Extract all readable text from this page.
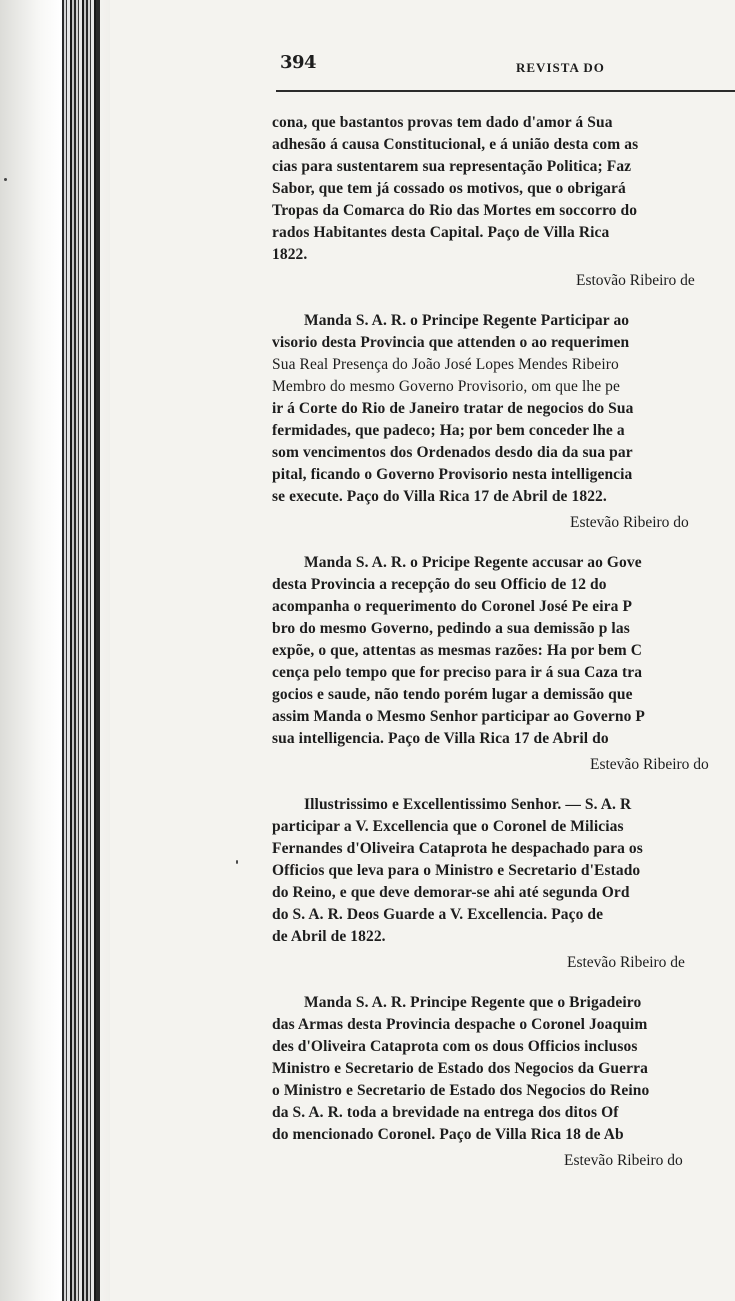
394	REVISTA DO
cona, que bastantos provas tem dado d'amor á Sua
adhesão á causa Constitucional, e á união desta com as
cias para sustentarem sua representação Politica; Faz
Sabor, que tem já cossado os motivos, que o obrigará
Tropas da Comarca do Rio das Mortes em soccorro do
rados Habitantes desta Capital. Paço de Villa Rica
1822.
Estovão Ribeiro de
Manda S. A. R. o Principe Regente Participar ao
visorio desta Provincia que attenden o ao requerimen
Sua Real Presença do João José Lopes Mendes Ribeiro
Membro do mesmo Governo Provisorio, om que lhe pe
ir á Corte do Rio de Janeiro tratar de negocios do Sua
fermidades, que padeco; Ha; por bem conceder lhe a
som vencimentos dos Ordenados desdo dia da sua par
pital, ficando o Governo Provisorio nesta intelligencia
se execute. Paço do Villa Rica 17 de Abril de 1822.
Estevão Ribeiro do
Manda S. A. R. o Pricipe Regente accusar ao Gove
desta Provincia a recepção do seu Officio de 12 do
acompanha o requerimento do Coronel José Pe eira P
bro do mesmo Governo, pedindo a sua demissão p las
expõe, o que, attentas as mesmas razões: Ha por bem C
cença pelo tempo que for preciso para ir á sua Caza tra
gocios e saude, não tendo porém lugar a demissão que
assim Manda o Mesmo Senhor participar ao Governo P
sua intelligencia. Paço de Villa Rica 17 de Abril do
Estevão Ribeiro do
Illustrissimo e Excellentissimo Senhor. — S. A. R
participar a V. Excellencia que o Coronel de Milicias
Fernandes d'Oliveira Cataprota he despachado para os
Officios que leva para o Ministro e Secretario d'Estado
do Reino, e que deve demorar-se ahi até segunda Ord
do S. A. R. Deos Guarde a V. Excellencia. Paço de
de Abril de 1822.
Estevão Ribeiro de
Manda S. A. R. Principe Regente que o Brigadeiro
das Armas desta Provincia despache o Coronel Joaquim
des d'Oliveira Cataprota com os dous Officios inclusos
Ministro e Secretario de Estado dos Negocios da Guerra
o Ministro e Secretario de Estado dos Negocios do Reino
da S. A. R. toda a brevidade na entrega dos ditos Of
do mencionado Coronel. Paço de Villa Rica 18 de Ab
Estevão Ribeiro do
